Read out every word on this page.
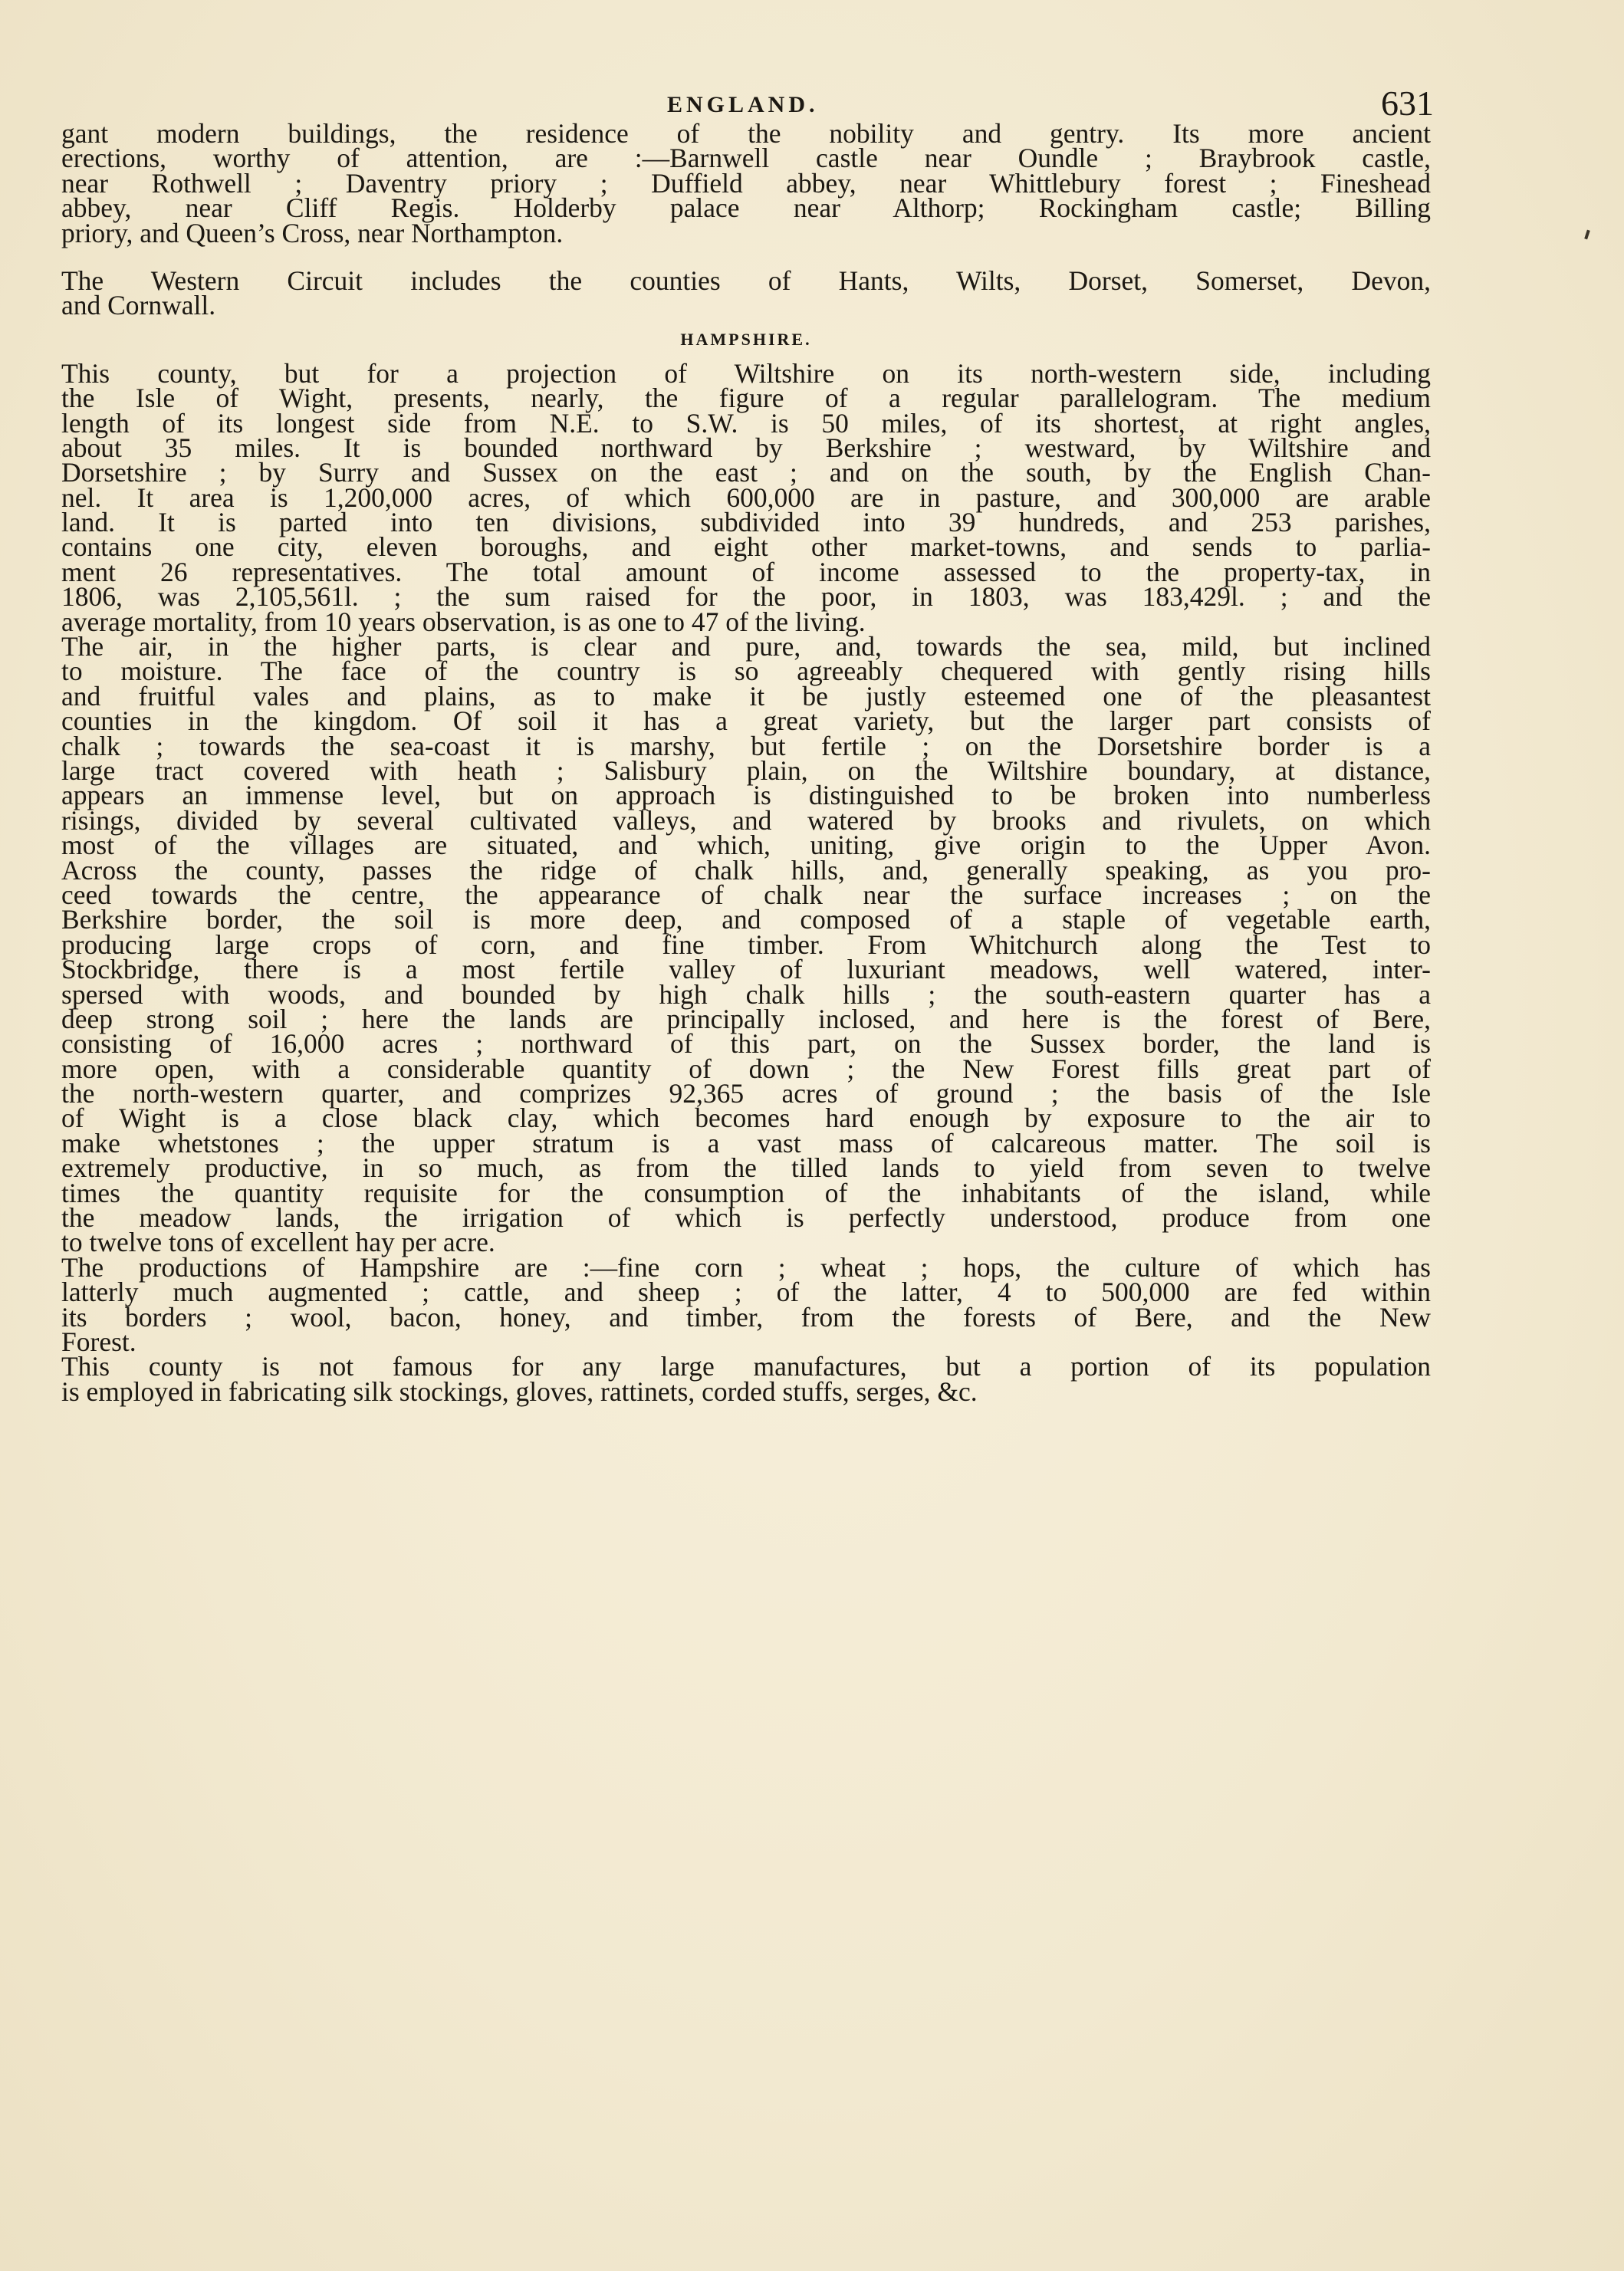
ENGLAND.	631
gant modern buildings, the residence of the nobility and gentry. Its more ancient
erections, worthy of attention, are :—Barnwell castle near Oundle ; Braybrook castle,
near Rothwell ; Daventry priory ; Duffield abbey, near Whittlebury forest ; Fineshead
abbey, near Cliff Regis. Holderby palace near Althorp; Rockingham castle; Billing
priory, and Queen’s Cross, near Northampton.
The Western Circuit includes the counties of Hants, Wilts, Dorset, Somerset, Devon,
and Cornwall.
HAMPSHIRE.
This county, but for a projection of Wiltshire on its north-western side, including
the Isle of Wight, presents, nearly, the figure of a regular parallelogram. The medium
length of its longest side from N.E. to S.W. is 50 miles, of its shortest, at right angles,
about 35 miles. It is bounded northward by Berkshire ; westward, by Wiltshire and
Dorsetshire ; by Surry and Sussex on the east ; and on the south, by the English Chan-
nel. It area is 1,200,000 acres, of which 600,000 are in pasture, and 300,000 are arable
land. It is parted into ten divisions, subdivided into 39 hundreds, and 253 parishes,
contains one city, eleven boroughs, and eight other market-towns, and sends to parlia-
ment 26 representatives. The total amount of income assessed to the property-tax, in
1806, was 2,105,561l. ; the sum raised for the poor, in 1803, was 183,429l. ; and the
average mortality, from 10 years observation, is as one to 47 of the living.
The air, in the higher parts, is clear and pure, and, towards the sea, mild, but inclined
to moisture. The face of the country is so agreeably chequered with gently rising hills
and fruitful vales and plains, as to make it be justly esteemed one of the pleasantest
counties in the kingdom. Of soil it has a great variety, but the larger part consists of
chalk ; towards the sea-coast it is marshy, but fertile ; on the Dorsetshire border is a
large tract covered with heath ; Salisbury plain, on the Wiltshire boundary, at distance,
appears an immense level, but on approach is distinguished to be broken into numberless
risings, divided by several cultivated valleys, and watered by brooks and rivulets, on which
most of the villages are situated, and which, uniting, give origin to the Upper Avon.
Across the county, passes the ridge of chalk hills, and, generally speaking, as you pro-
ceed towards the centre, the appearance of chalk near the surface increases ; on the
Berkshire border, the soil is more deep, and composed of a staple of vegetable earth,
producing large crops of corn, and fine timber. From Whitchurch along the Test to
Stockbridge, there is a most fertile valley of luxuriant meadows, well watered, inter-
spersed with woods, and bounded by high chalk hills ; the south-eastern quarter has a
deep strong soil ; here the lands are principally inclosed, and here is the forest of Bere,
consisting of 16,000 acres ; northward of this part, on the Sussex border, the land is
more open, with a considerable quantity of down ; the New Forest fills great part of
the north-western quarter, and comprizes 92,365 acres of ground ; the basis of the Isle
of Wight is a close black clay, which becomes hard enough by exposure to the air to
make whetstones ; the upper stratum is a vast mass of calcareous matter. The soil is
extremely productive, in so much, as from the tilled lands to yield from seven to twelve
times the quantity requisite for the consumption of the inhabitants of the island, while
the meadow lands, the irrigation of which is perfectly understood, produce from one
to twelve tons of excellent hay per acre.
The productions of Hampshire are :—fine corn ; wheat ; hops, the culture of which has
latterly much augmented ; cattle, and sheep ; of the latter, 4 to 500,000 are fed within
its borders ; wool, bacon, honey, and timber, from the forests of Bere, and the New
Forest.
This county is not famous for any large manufactures, but a portion of its population
is employed in fabricating silk stockings, gloves, rattinets, corded stuffs, serges, &c.
